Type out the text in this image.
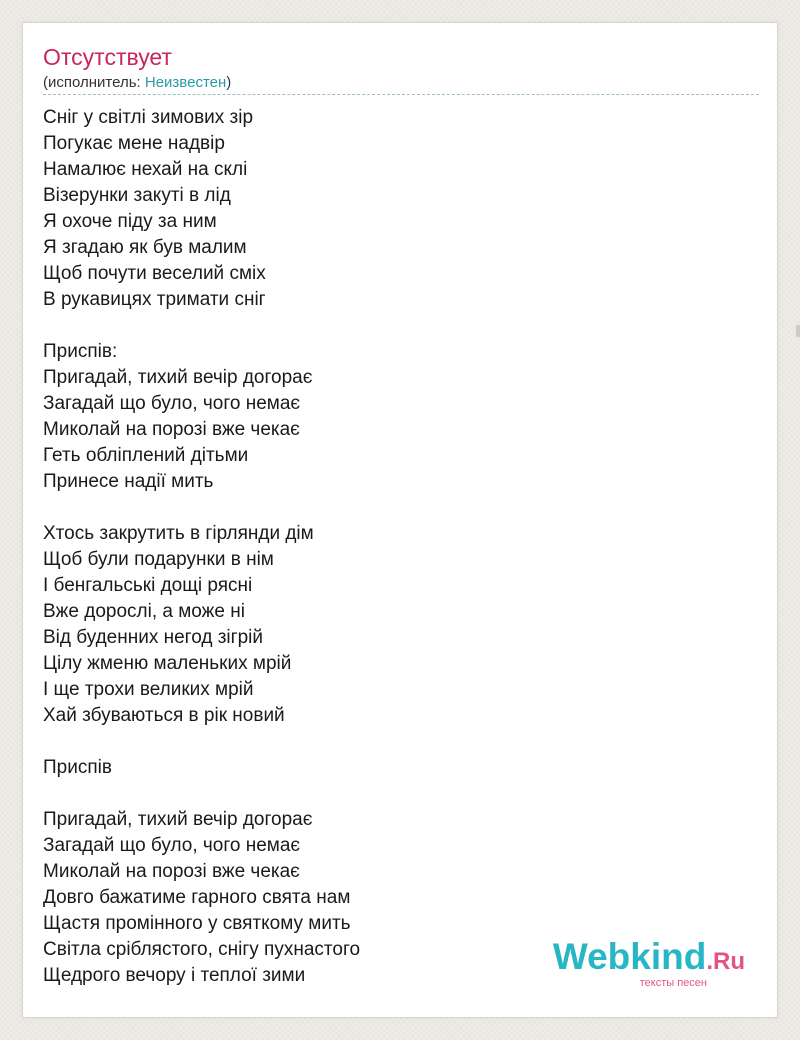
Отсутствует
(исполнитель: Неизвестен)
Сніг у світлі зимових зір
Погукає мене надвір
Намалює нехай на склі
Візерунки закуті в лід
Я охоче піду за ним
Я згадаю як був малим
Щоб почути веселий сміх
В рукавицях тримати сніг
Приспів:
Пригадай, тихий вечір догорає
Загадай що було, чого немає
Миколай на порозі вже чекає
Геть обліплений дітьми
Принесе надії мить
Хтось закрутить в гірлянди дім
Щоб були подарунки в нім
І бенгальські дощі рясні
Вже дорослі, а може ні
Від буденних негод зігрій
Цілу жменю маленьких мрій
І ще трохи великих мрій
Хай збуваються в рік новий
Приспів
Пригадай, тихий вечір догорає
Загадай що було, чого немає
Миколай на порозі вже чекає
Довго бажатиме гарного свята нам
Щастя промінного у святкому мить
Світла сріблястого, снігу пухнастого
Щедрого вечору і теплої зими	Webkind.Ru
тексты песен
